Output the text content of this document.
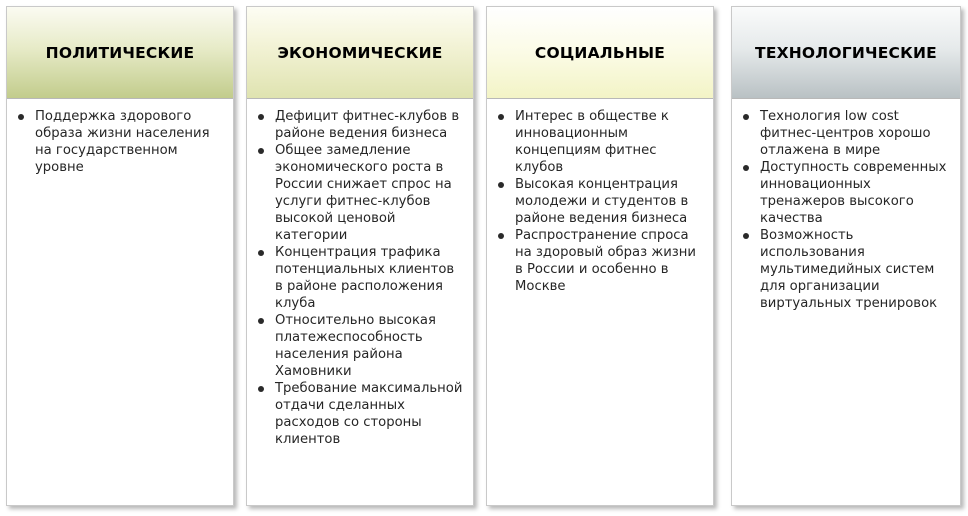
ПОЛИТИЧЕСКИЕ
Поддержка здорового образа жизни населения на государственном уровне
ЭКОНОМИЧЕСКИЕ
Дефицит фитнес-клубов в районе ведения бизнеса
Общее замедление экономического роста в России снижает спрос на услуги фитнес-клубов высокой ценовой категории
Концентрация трафика потенциальных клиентов в районе расположения клуба
Относительно высокая платежеспособность населения района Хамовники
Требование максимальной отдачи сделанных расходов со стороны клиентов
СОЦИАЛЬНЫЕ
Интерес в обществе к инновационным концепциям фитнес клубов
Высокая концентрация молодежи и студентов в районе ведения бизнеса
Распространение спроса на здоровый образ жизни в России и особенно в Москве
ТЕХНОЛОГИЧЕСКИЕ
Технология low cost фитнес-центров хорошо отлажена в мире
Доступность современных инновационных тренажеров высокого качества
Возможность использования мультимедийных систем для организации виртуальных тренировок
